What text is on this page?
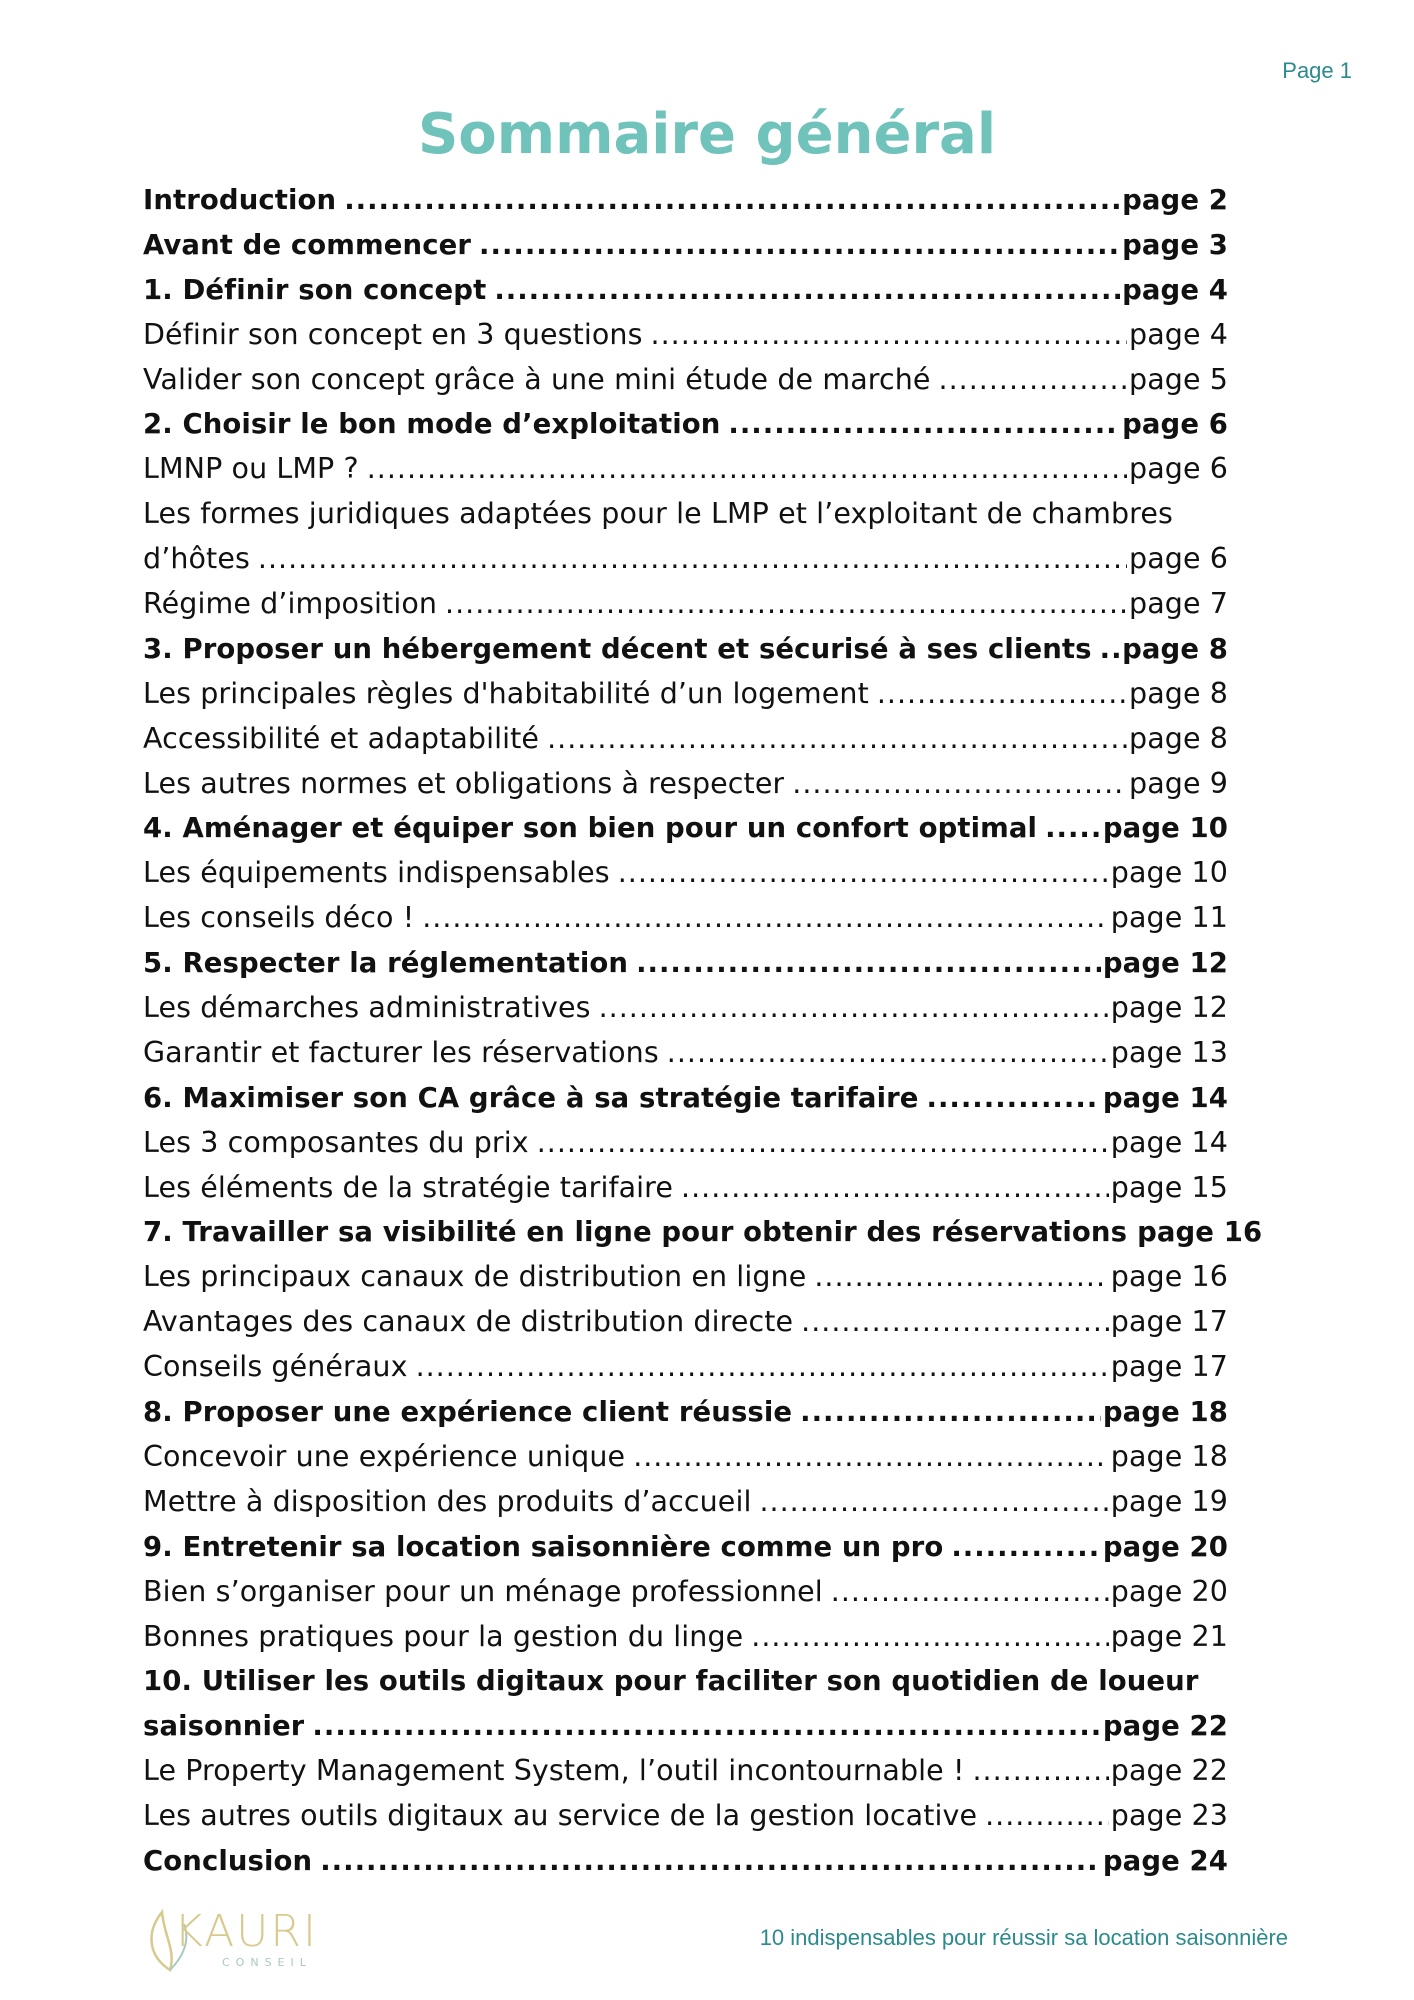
Page 1
Sommaire général
Introduction .....	page 2
Avant de commencer .....	page 3
1. Définir son concept .....	page 4
Définir son concept en 3 questions .....	page 4
Valider son concept grâce à une mini étude de marché .....	page 5
2. Choisir le bon mode d’exploitation .....	page 6
LMNP ou LMP ? .....	page 6
Les formes juridiques adaptées pour le LMP et l’exploitant de chambres
d’hôtes .....	page 6
Régime d’imposition .....	page 7
3. Proposer un hébergement décent et sécurisé à ses clients ..... page 8
Les principales règles d'habitabilité d’un logement .....	page 8
Accessibilité et adaptabilité .....	page 8
Les autres normes et obligations à respecter .....	page 9
4. Aménager et équiper son bien pour un confort optimal ..... page 10
Les équipements indispensables .....	page 10
Les conseils déco ! .....	page 11
5. Respecter la réglementation .....	page 12
Les démarches administratives .....	page 12
Garantir et facturer les réservations .....	page 13
6. Maximiser son CA grâce à sa stratégie tarifaire .....	page 14
Les 3 composantes du prix .....	page 14
Les éléments de la stratégie tarifaire .....	page 15
7. Travailler sa visibilité en ligne pour obtenir des réservations page 16
Les principaux canaux de distribution en ligne .....	page 16
Avantages des canaux de distribution directe .....	page 17
Conseils généraux .....	page 17
8. Proposer une expérience client réussie .....	page 18
Concevoir une expérience unique .....	page 18
Mettre à disposition des produits d’accueil .....	page 19
9. Entretenir sa location saisonnière comme un pro .....	page 20
Bien s’organiser pour un ménage professionnel .....	page 20
Bonnes pratiques pour la gestion du linge .....	page 21
10. Utiliser les outils digitaux pour faciliter son quotidien de loueur
saisonnier .....	page 22
Le Property Management System, l’outil incontournable ! .....	page 22
Les autres outils digitaux au service de la gestion locative .....	page 23
Conclusion .....	page 24
KAURI
CONSEIL
10 indispensables pour réussir sa location saisonnière
